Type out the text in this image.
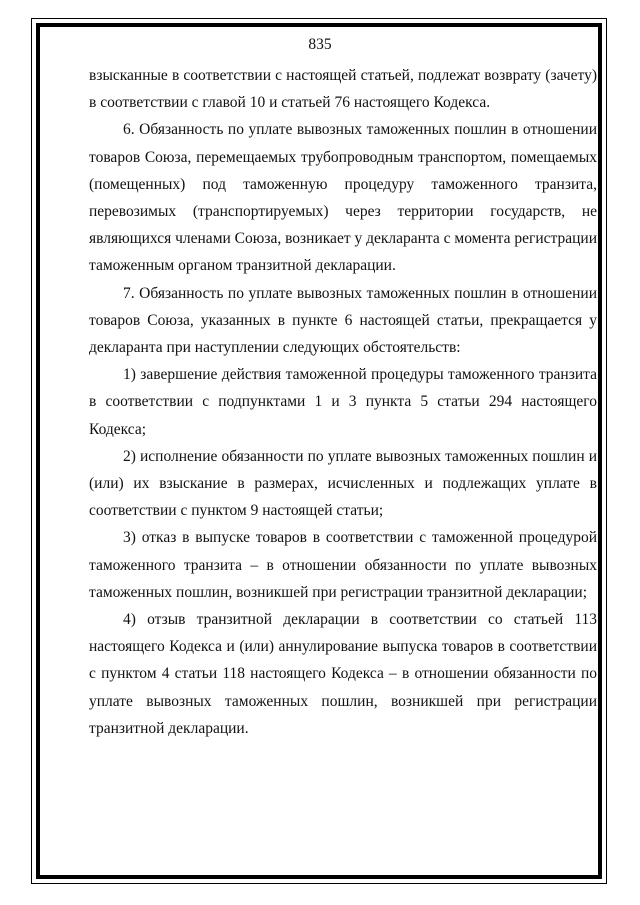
835

взысканные в соответствии с настоящей статьей, подлежат возврату (зачету) в соответствии с главой 10 и статьей 76 настоящего Кодекса.

6. Обязанность по уплате вывозных таможенных пошлин в отношении товаров Союза, перемещаемых трубопроводным транспортом, помещаемых (помещенных) под таможенную процедуру таможенного транзита, перевозимых (транспортируемых) через территории государств, не являющихся членами Союза, возникает у декларанта с момента регистрации таможенным органом транзитной декларации.

7. Обязанность по уплате вывозных таможенных пошлин в отношении товаров Союза, указанных в пункте 6 настоящей статьи, прекращается у декларанта при наступлении следующих обстоятельств:

1) завершение действия таможенной процедуры таможенного транзита в соответствии с подпунктами 1 и 3 пункта 5 статьи 294 настоящего Кодекса;

2) исполнение обязанности по уплате вывозных таможенных пошлин и (или) их взыскание в размерах, исчисленных и подлежащих уплате в соответствии с пунктом 9 настоящей статьи;

3) отказ в выпуске товаров в соответствии с таможенной процедурой таможенного транзита – в отношении обязанности по уплате вывозных таможенных пошлин, возникшей при регистрации транзитной декларации;

4) отзыв транзитной декларации в соответствии со статьей 113 настоящего Кодекса и (или) аннулирование выпуска товаров в соответствии с пунктом 4 статьи 118 настоящего Кодекса – в отношении обязанности по уплате вывозных таможенных пошлин, возникшей при регистрации транзитной декларации.
